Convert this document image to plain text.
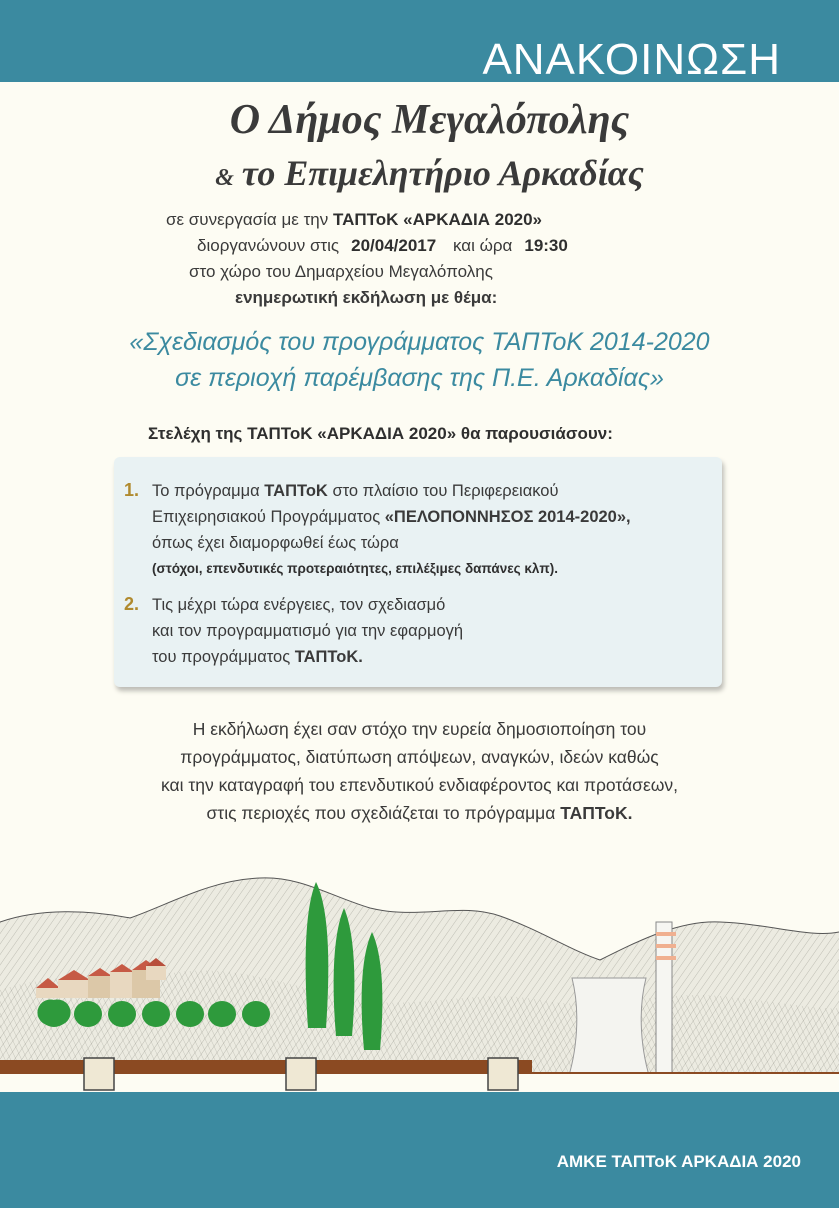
ΑΝΑΚΟΙΝΩΣΗ
Ο Δήμος Μεγαλόπολης
& το Επιμελητήριο Αρκαδίας
σε συνεργασία με την ΤΑΠΤοΚ «ΑΡΚΑΔΙΑ 2020»
διοργανώνουν στις 20/04/2017 και ώρα 19:30
στο χώρο του Δημαρχείου Μεγαλόπολης
ενημερωτική εκδήλωση με θέμα:
«Σχεδιασμός του προγράμματος ΤΑΠΤοΚ 2014-2020
σε περιοχή παρέμβασης της Π.Ε. Αρκαδίας»
Στελέχη της ΤΑΠΤοΚ «ΑΡΚΑΔΙΑ 2020» θα παρουσιάσουν:
1. Το πρόγραμμα ΤΑΠΤοΚ στο πλαίσιο του Περιφερειακού
Επιχειρησιακού Προγράμματος «ΠΕΛΟΠΟΝΝΗΣΟΣ 2014-2020»,
όπως έχει διαμορφωθεί έως τώρα
(στόχοι, επενδυτικές προτεραιότητες, επιλέξιμες δαπάνες κλπ).
2. Τις μέχρι τώρα ενέργειες, τον σχεδιασμό
και τον προγραμματισμό για την εφαρμογή
του προγράμματος ΤΑΠΤοΚ.
Η εκδήλωση έχει σαν στόχο την ευρεία δημοσιοποίηση του
προγράμματος, διατύπωση απόψεων, αναγκών, ιδεών καθώς
και την καταγραφή του επενδυτικού ενδιαφέροντος και προτάσεων,
στις περιοχές που σχεδιάζεται το πρόγραμμα ΤΑΠΤοΚ.
ΑΜΚΕ ΤΑΠΤοΚ ΑΡΚΑΔΙΑ 2020
